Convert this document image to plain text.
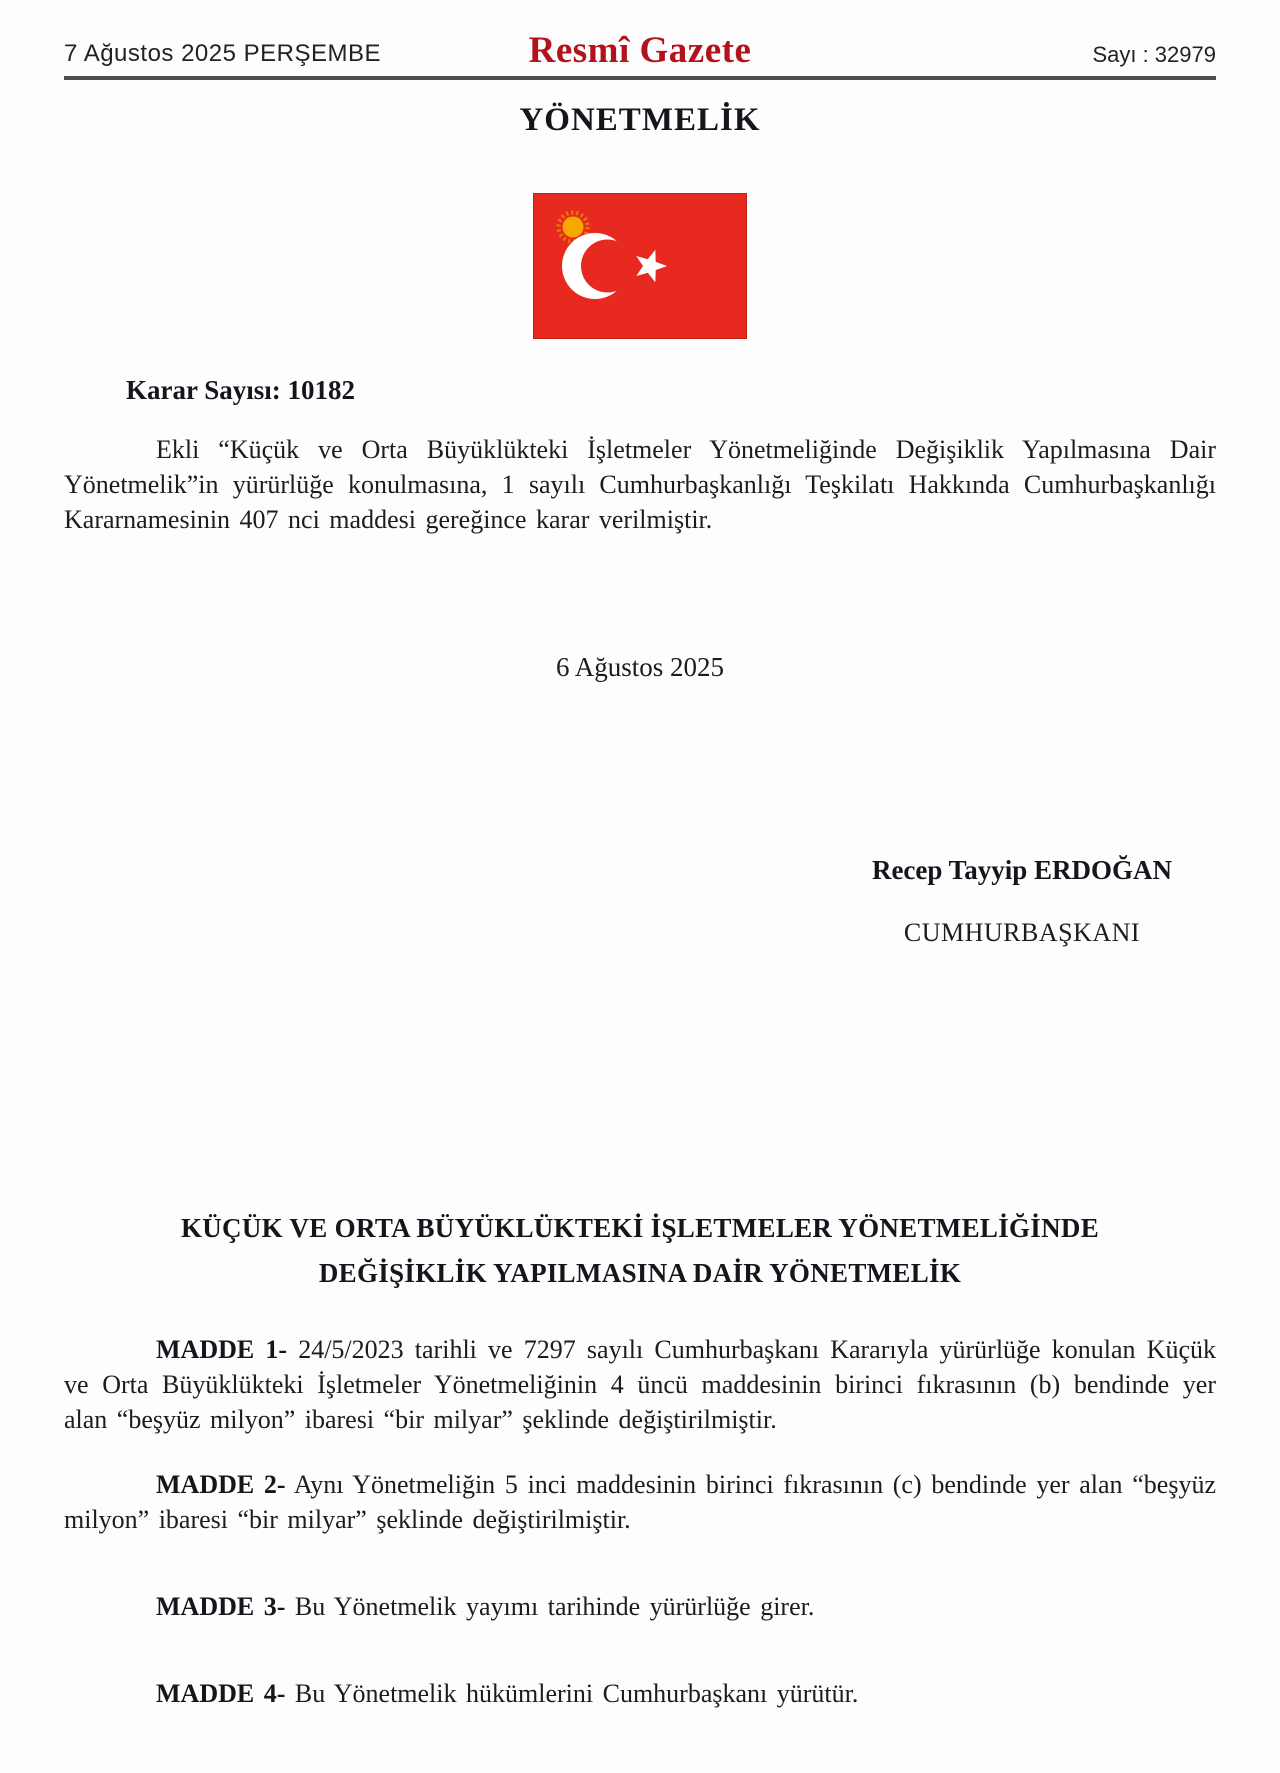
7 Ağustos 2025 PERŞEMBE	Resmî Gazete	Sayı : 32979
YÖNETMELİK
Karar Sayısı: 10182

Ekli “Küçük ve Orta Büyüklükteki İşletmeler Yönetmeliğinde Değişiklik Yapılmasına Dair Yönetmelik”in yürürlüğe konulmasına, 1 sayılı Cumhurbaşkanlığı Teşkilatı Hakkında Cumhurbaşkanlığı Kararnamesinin 407 nci maddesi gereğince karar verilmiştir.

6 Ağustos 2025
Recep Tayyip ERDOĞAN
CUMHURBAŞKANI
KÜÇÜK VE ORTA BÜYÜKLÜKTEKİ İŞLETMELER YÖNETMELİĞİNDE
DEĞİŞİKLİK YAPILMASINA DAİR YÖNETMELİK

MADDE 1- 24/5/2023 tarihli ve 7297 sayılı Cumhurbaşkanı Kararıyla yürürlüğe konulan Küçük ve Orta Büyüklükteki İşletmeler Yönetmeliğinin 4 üncü maddesinin birinci fıkrasının (b) bendinde yer alan “beşyüz milyon” ibaresi “bir milyar” şeklinde değiştirilmiştir.

MADDE 2- Aynı Yönetmeliğin 5 inci maddesinin birinci fıkrasının (c) bendinde yer alan “beşyüz milyon” ibaresi “bir milyar” şeklinde değiştirilmiştir.

MADDE 3- Bu Yönetmelik yayımı tarihinde yürürlüğe girer.

MADDE 4- Bu Yönetmelik hükümlerini Cumhurbaşkanı yürütür.
